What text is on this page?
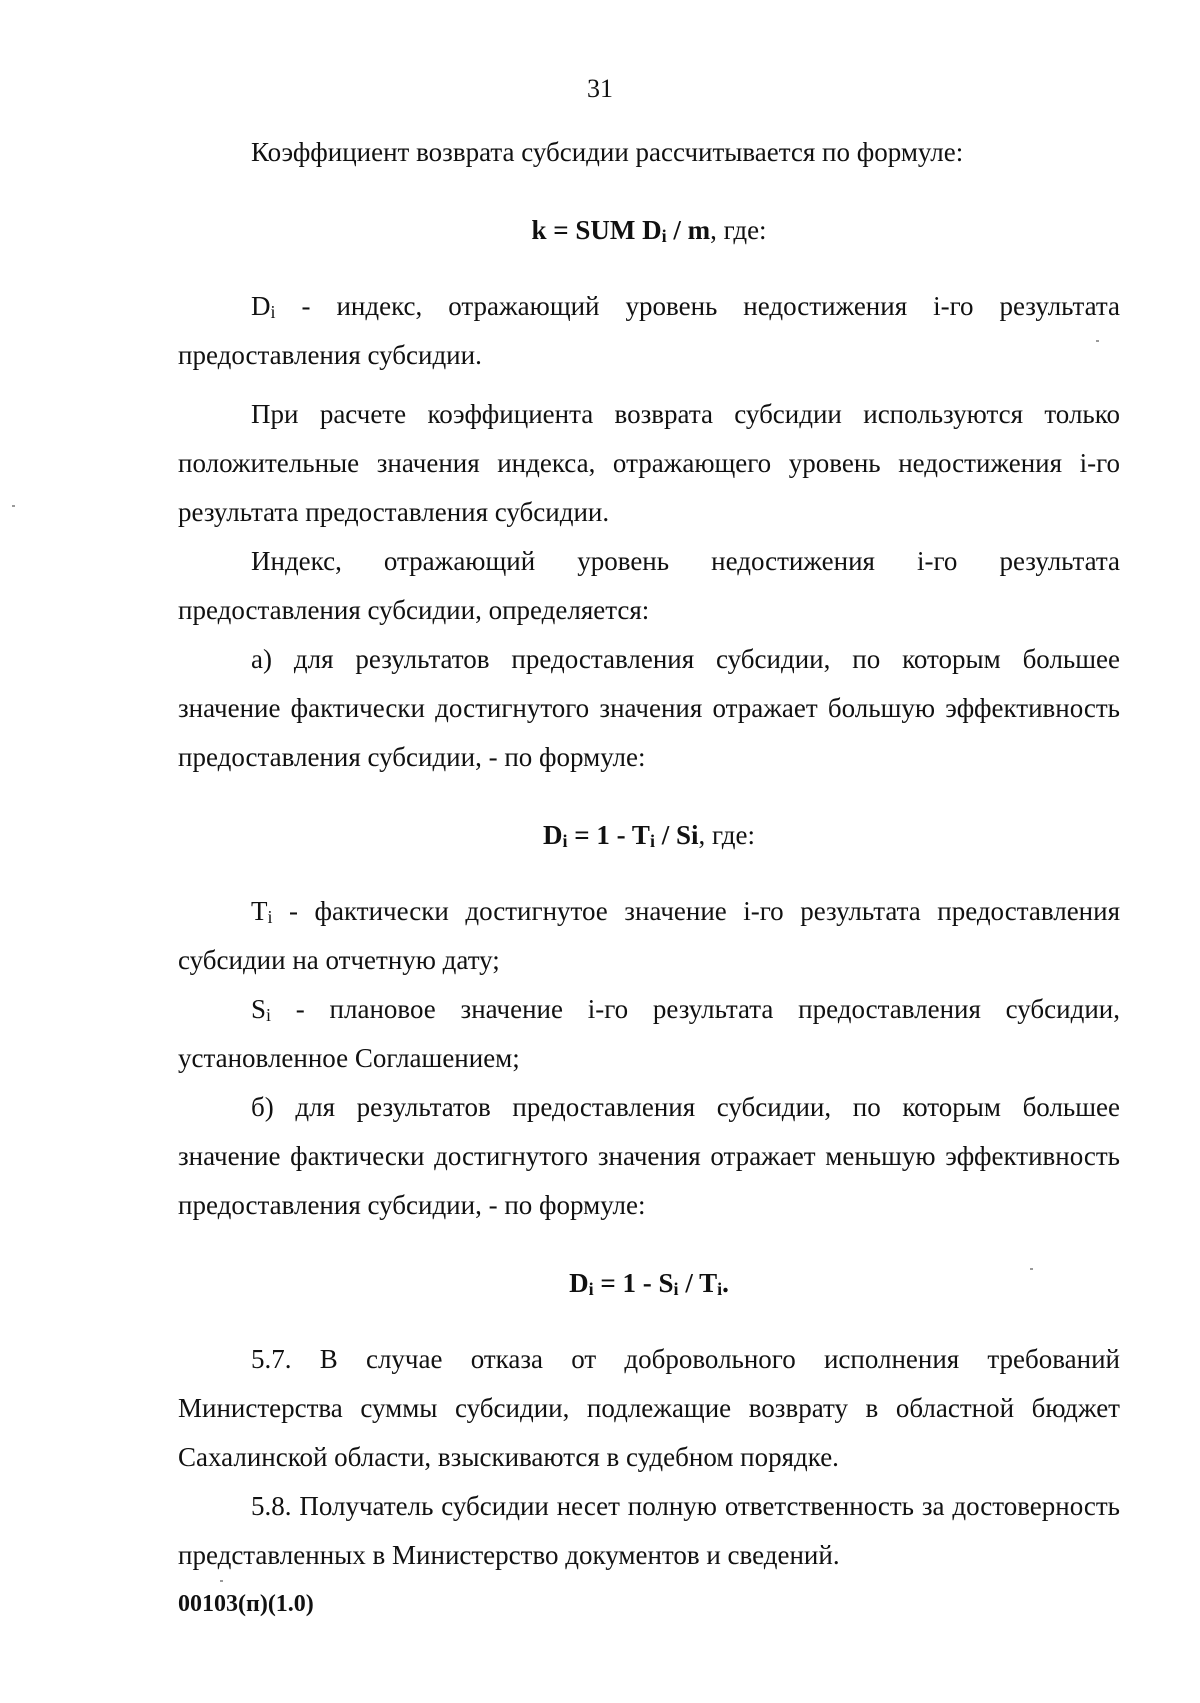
31

Коэффициент возврата субсидии рассчитывается по формуле:

k = SUM $D_i$ / m, где:

$D_i$ - индекс, отражающий уровень недостижения i-го результата предоставления субсидии.

При расчете коэффициента возврата субсидии используются только положительные значения индекса, отражающего уровень недостижения i-го результата предоставления субсидии.

Индекс, отражающий уровень недостижения i-го результата предоставления субсидии, определяется:

а) для результатов предоставления субсидии, по которым большее значение фактически достигнутого значения отражает большую эффективность предоставления субсидии, - по формуле:

$D_i = 1 - T_i / Si$, где:

$T_i$ - фактически достигнутое значение i-го результата предоставления субсидии на отчетную дату;

$S_i$ - плановое значение i-го результата предоставления субсидии, установленное Соглашением;

б) для результатов предоставления субсидии, по которым большее значение фактически достигнутого значения отражает меньшую эффективность предоставления субсидии, - по формуле:

$D_i = 1 - S_i / T_i$.

5.7. В случае отказа от добровольного исполнения требований Министерства суммы субсидии, подлежащие возврату в областной бюджет Сахалинской области, взыскиваются в судебном порядке.

5.8. Получатель субсидии несет полную ответственность за достоверность представленных в Министерство документов и сведений.

00103(п)(1.0)
